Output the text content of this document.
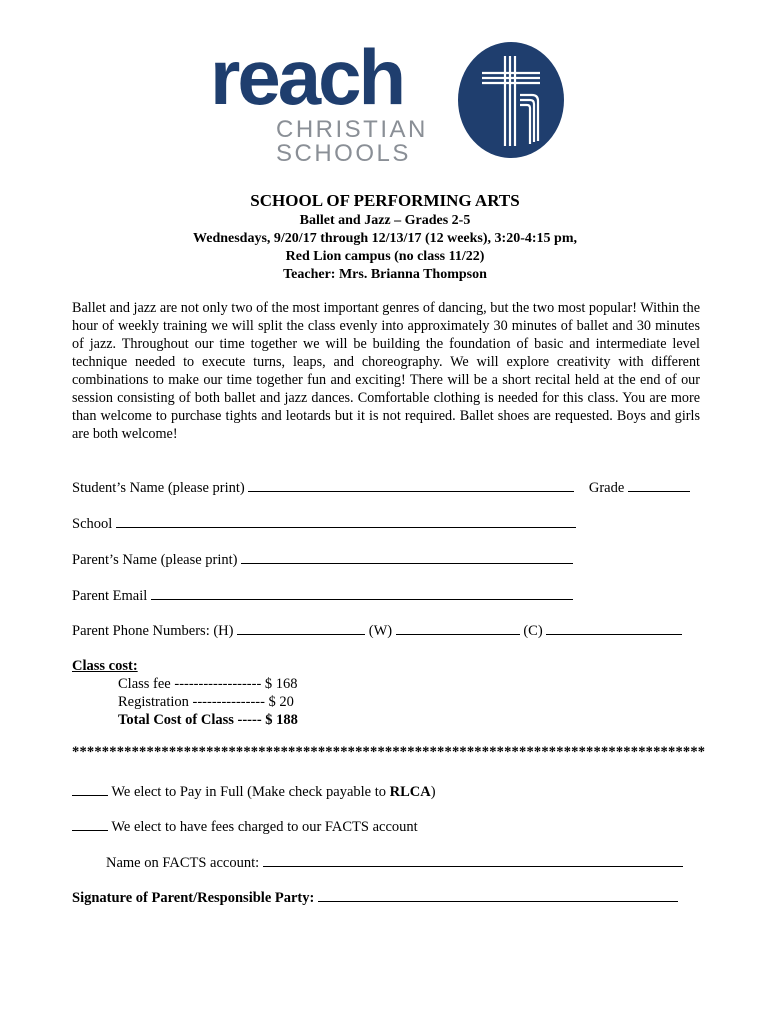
reach
CHRISTIAN
SCHOOLS
SCHOOL OF PERFORMING ARTS
Ballet and Jazz – Grades 2-5
Wednesdays, 9/20/17 through 12/13/17 (12 weeks), 3:20-4:15 pm,
Red Lion campus (no class 11/22)
Teacher: Mrs. Brianna Thompson
Ballet and jazz are not only two of the most important genres of dancing, but the two most popular! Within the hour of weekly training we will split the class evenly into approximately 30 minutes of ballet and 30 minutes of jazz. Throughout our time together we will be building the foundation of basic and intermediate level technique needed to execute turns, leaps, and choreography. We will explore creativity with different combinations to make our time together fun and exciting! There will be a short recital held at the end of our session consisting of both ballet and jazz dances. Comfortable clothing is needed for this class. You are more than welcome to purchase tights and leotards but it is not required. Ballet shoes are requested. Boys and girls are both welcome!
Student’s Name (please print)	Grade
School
Parent’s Name (please print)
Parent Email
Parent Phone Numbers: (H)	(W)	(C)
Class cost:
Class fee ------------------ $ 168
Registration --------------- $ 20
Total Cost of Class ----- $ 188
*************************************************************************************
We elect to Pay in Full (Make check payable to RLCA)
We elect to have fees charged to our FACTS account
Name on FACTS account:
Signature of Parent/Responsible Party:
